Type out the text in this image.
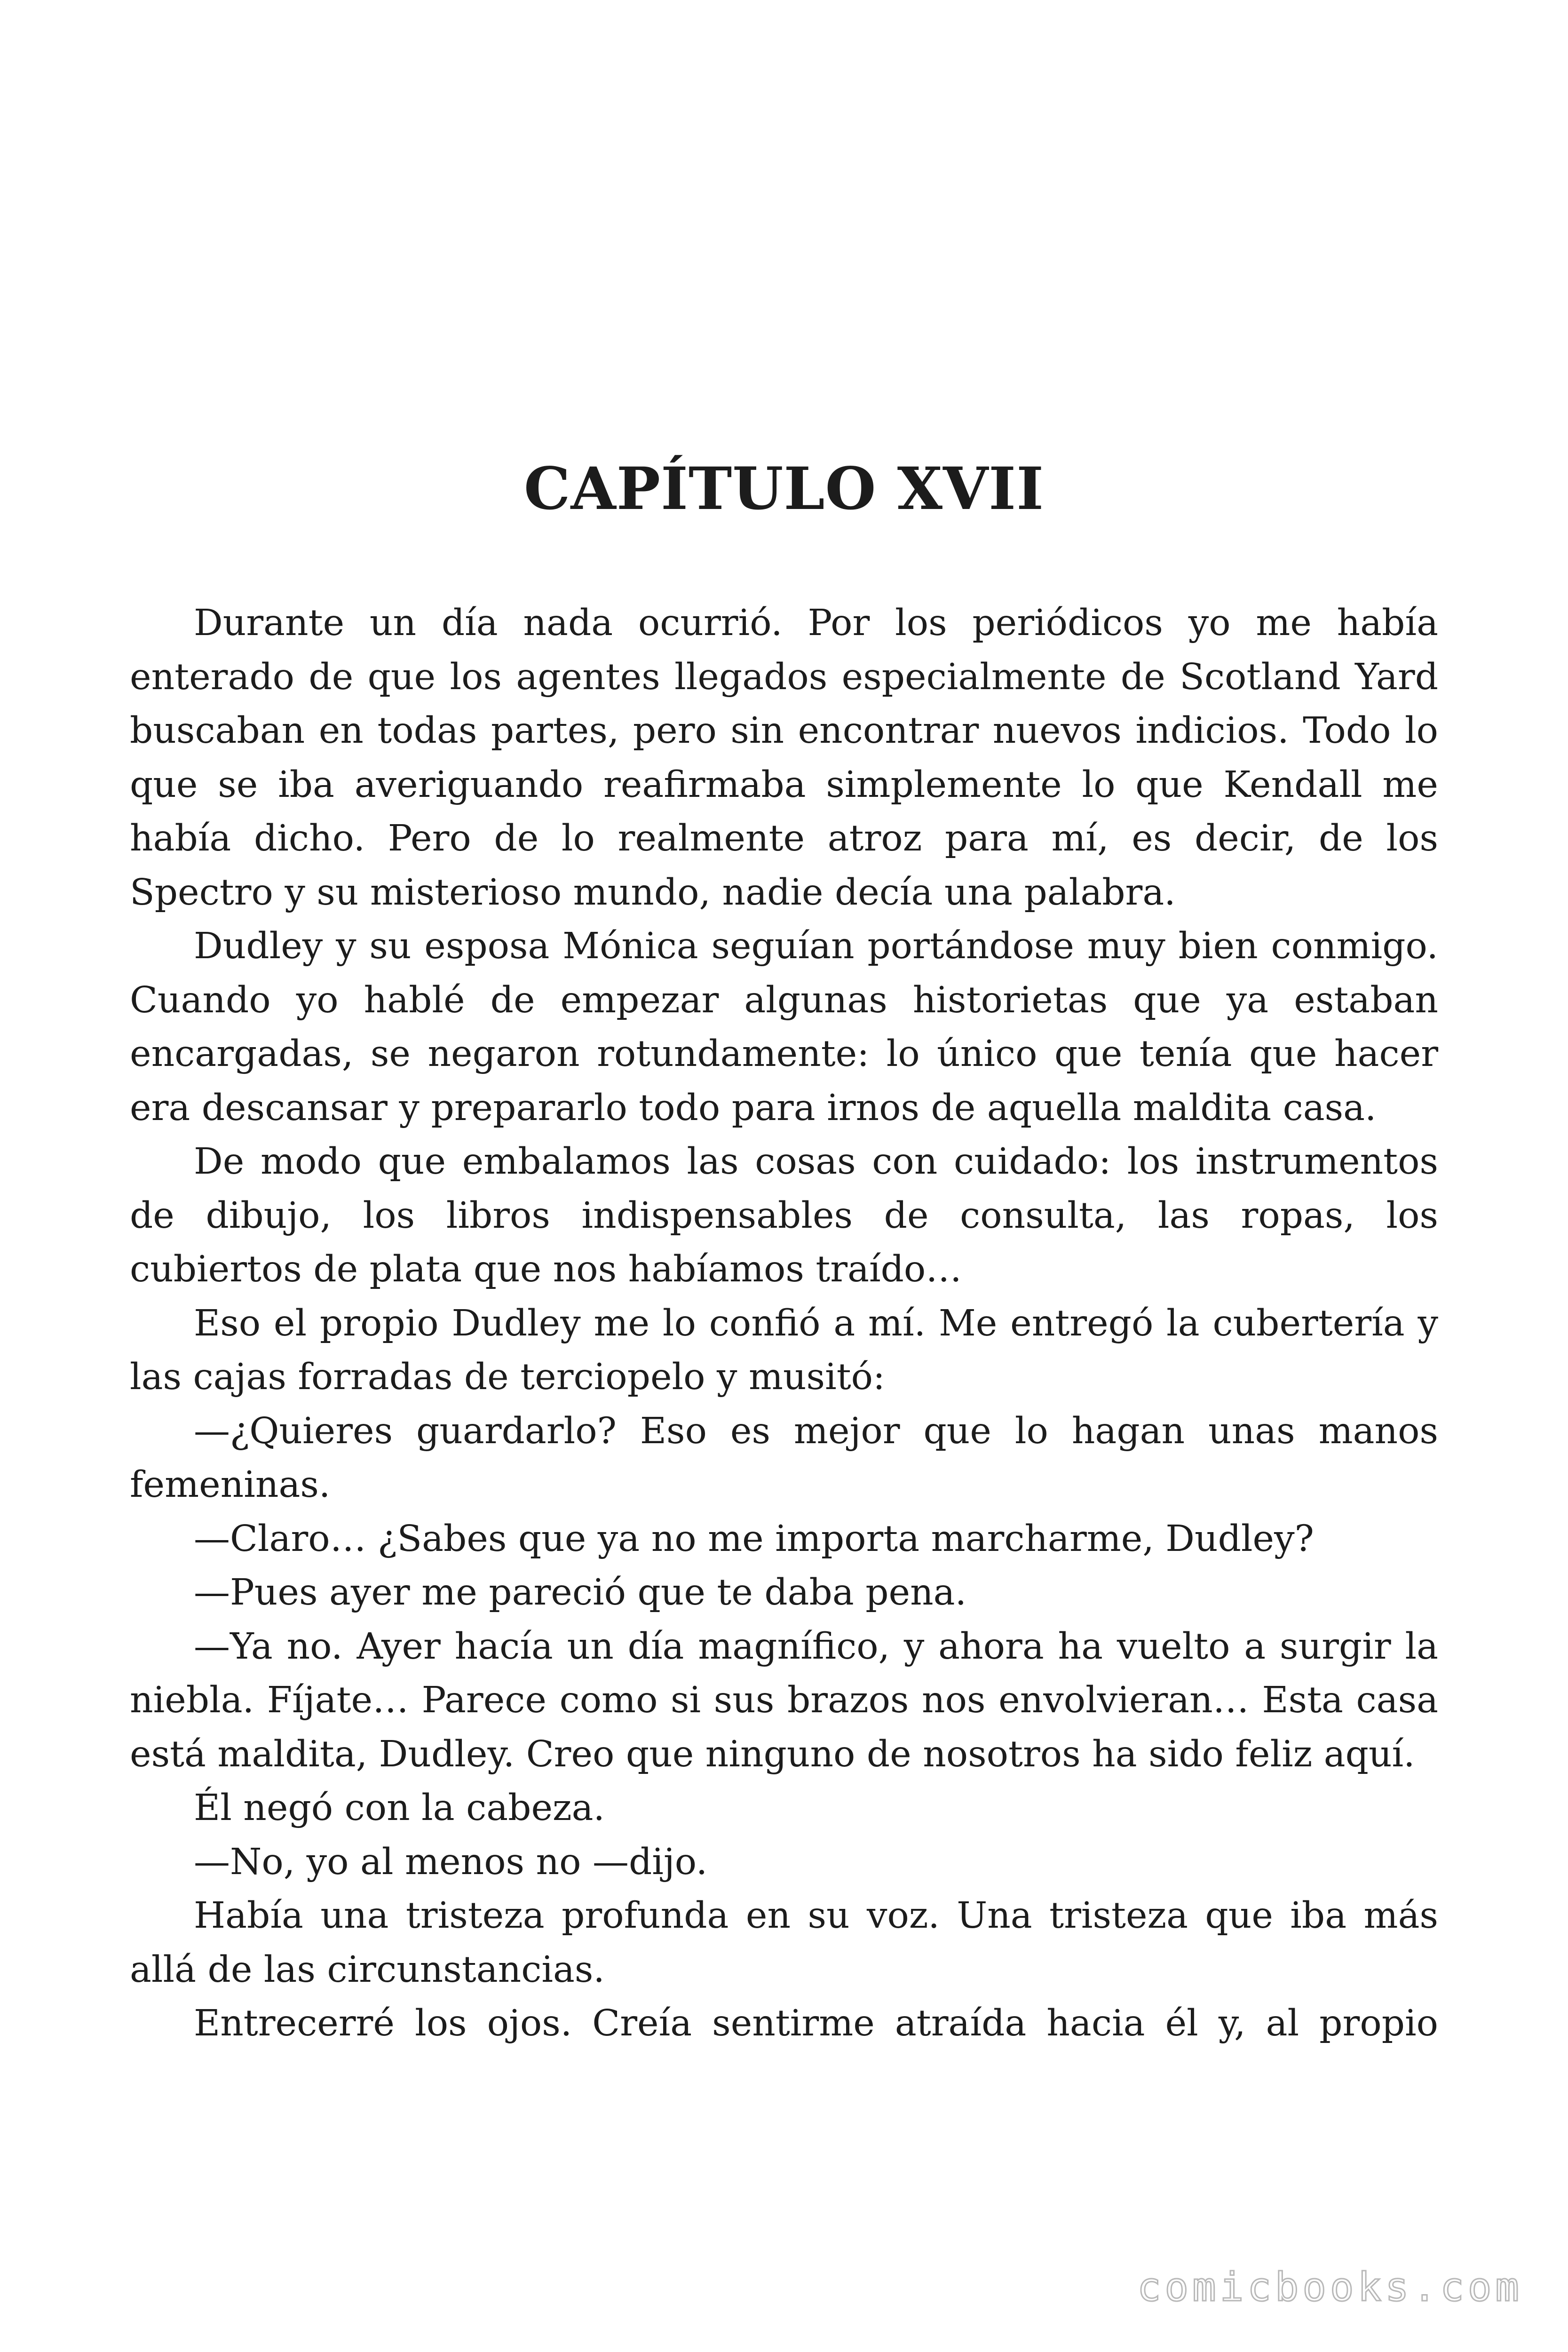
CAPÍTULO XVII

Durante un día nada ocurrió. Por los periódicos yo me había enterado de que los agentes llegados especialmente de Scotland Yard buscaban en todas partes, pero sin encontrar nuevos indicios. Todo lo que se iba averiguando reafirmaba simplemente lo que Kendall me había dicho. Pero de lo realmente atroz para mí, es decir, de los Spectro y su misterioso mundo, nadie decía una palabra.

Dudley y su esposa Mónica seguían portándose muy bien conmigo. Cuando yo hablé de empezar algunas historietas que ya estaban encargadas, se negaron rotundamente: lo único que tenía que hacer era descansar y prepararlo todo para irnos de aquella maldita casa.

De modo que embalamos las cosas con cuidado: los instrumentos de dibujo, los libros indispensables de consulta, las ropas, los cubiertos de plata que nos habíamos traído…

Eso el propio Dudley me lo confió a mí. Me entregó la cubertería y las cajas forradas de terciopelo y musitó:

—¿Quieres guardarlo? Eso es mejor que lo hagan unas manos femeninas.

—Claro… ¿Sabes que ya no me importa marcharme, Dudley?

—Pues ayer me pareció que te daba pena.

—Ya no. Ayer hacía un día magnífico, y ahora ha vuelto a surgir la niebla. Fíjate… Parece como si sus brazos nos envolvieran… Esta casa está maldita, Dudley. Creo que ninguno de nosotros ha sido feliz aquí.

Él negó con la cabeza.

—No, yo al menos no —dijo.

Había una tristeza profunda en su voz. Una tristeza que iba más allá de las circunstancias.

Entrecerré los ojos. Creía sentirme atraída hacia él y, al propio

comicbooks.com
